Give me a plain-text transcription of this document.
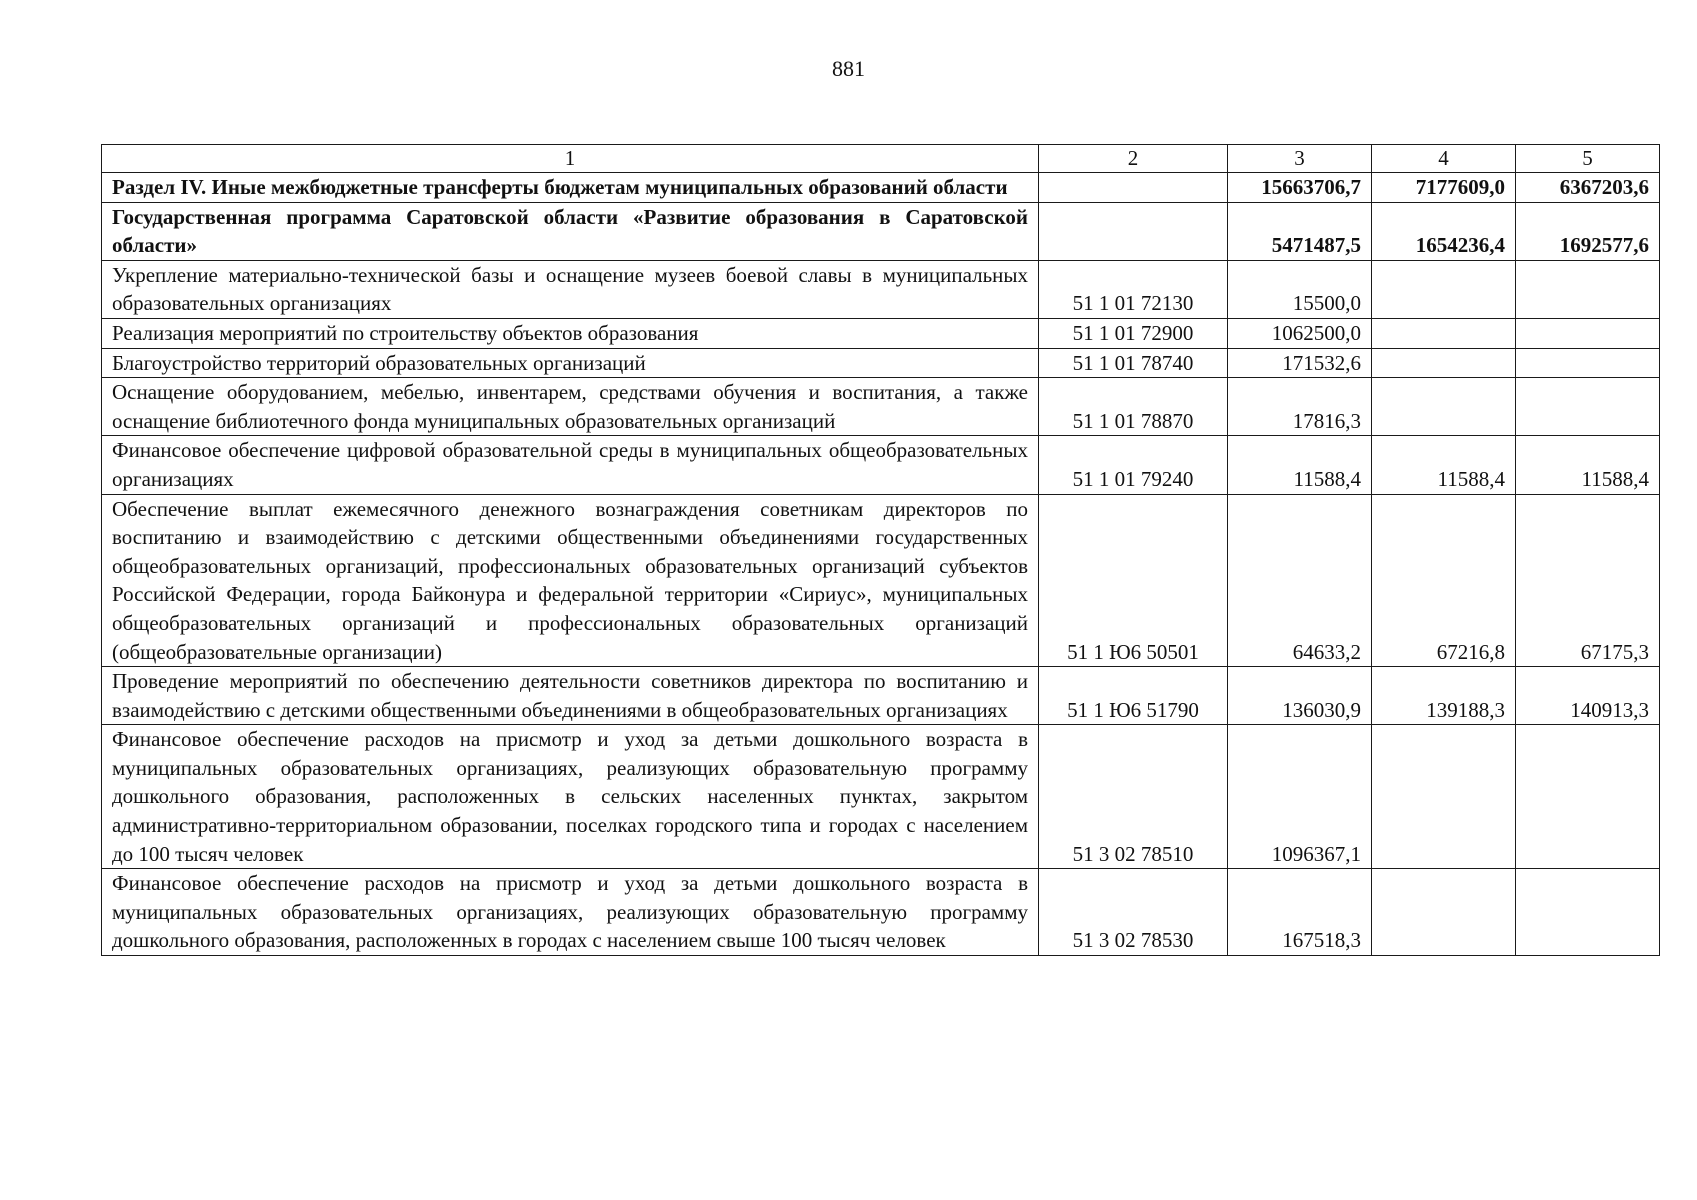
881
1	2	3	4	5
Раздел IV. Иные межбюджетные трансферты бюджетам муниципальных образований области		15663706,7	7177609,0	6367203,6
Государственная программа Саратовской области «Развитие образования в Саратовской области»		5471487,5	1654236,4	1692577,6
Укрепление материально-технической базы и оснащение музеев боевой славы в муниципальных образовательных организациях	51 1 01 72130	15500,0		
Реализация мероприятий по строительству объектов образования	51 1 01 72900	1062500,0		
Благоустройство территорий образовательных организаций	51 1 01 78740	171532,6		
Оснащение оборудованием, мебелью, инвентарем, средствами обучения и воспитания, а также оснащение библиотечного фонда муниципальных образовательных организаций	51 1 01 78870	17816,3		
Финансовое обеспечение цифровой образовательной среды в муниципальных общеобразовательных организациях	51 1 01 79240	11588,4	11588,4	11588,4
Обеспечение выплат ежемесячного денежного вознаграждения советникам директоров по воспитанию и взаимодействию с детскими общественными объединениями государственных общеобразовательных организаций, профессиональных образовательных организаций субъектов Российской Федерации, города Байконура и федеральной территории «Сириус», муниципальных общеобразовательных организаций и профессиональных образовательных организаций (общеобразовательные организации)	51 1 Ю6 50501	64633,2	67216,8	67175,3
Проведение мероприятий по обеспечению деятельности советников директора по воспитанию и взаимодействию с детскими общественными объединениями в общеобразовательных организациях	51 1 Ю6 51790	136030,9	139188,3	140913,3
Финансовое обеспечение расходов на присмотр и уход за детьми дошкольного возраста в муниципальных образовательных организациях, реализующих образовательную программу дошкольного образования, расположенных в сельских населенных пунктах, закрытом административно-территориальном образовании, поселках городского типа и городах с населением до 100 тысяч человек	51 3 02 78510	1096367,1		
Финансовое обеспечение расходов на присмотр и уход за детьми дошкольного возраста в муниципальных образовательных организациях, реализующих образовательную программу дошкольного образования, расположенных в городах с населением свыше 100 тысяч человек	51 3 02 78530	167518,3		
